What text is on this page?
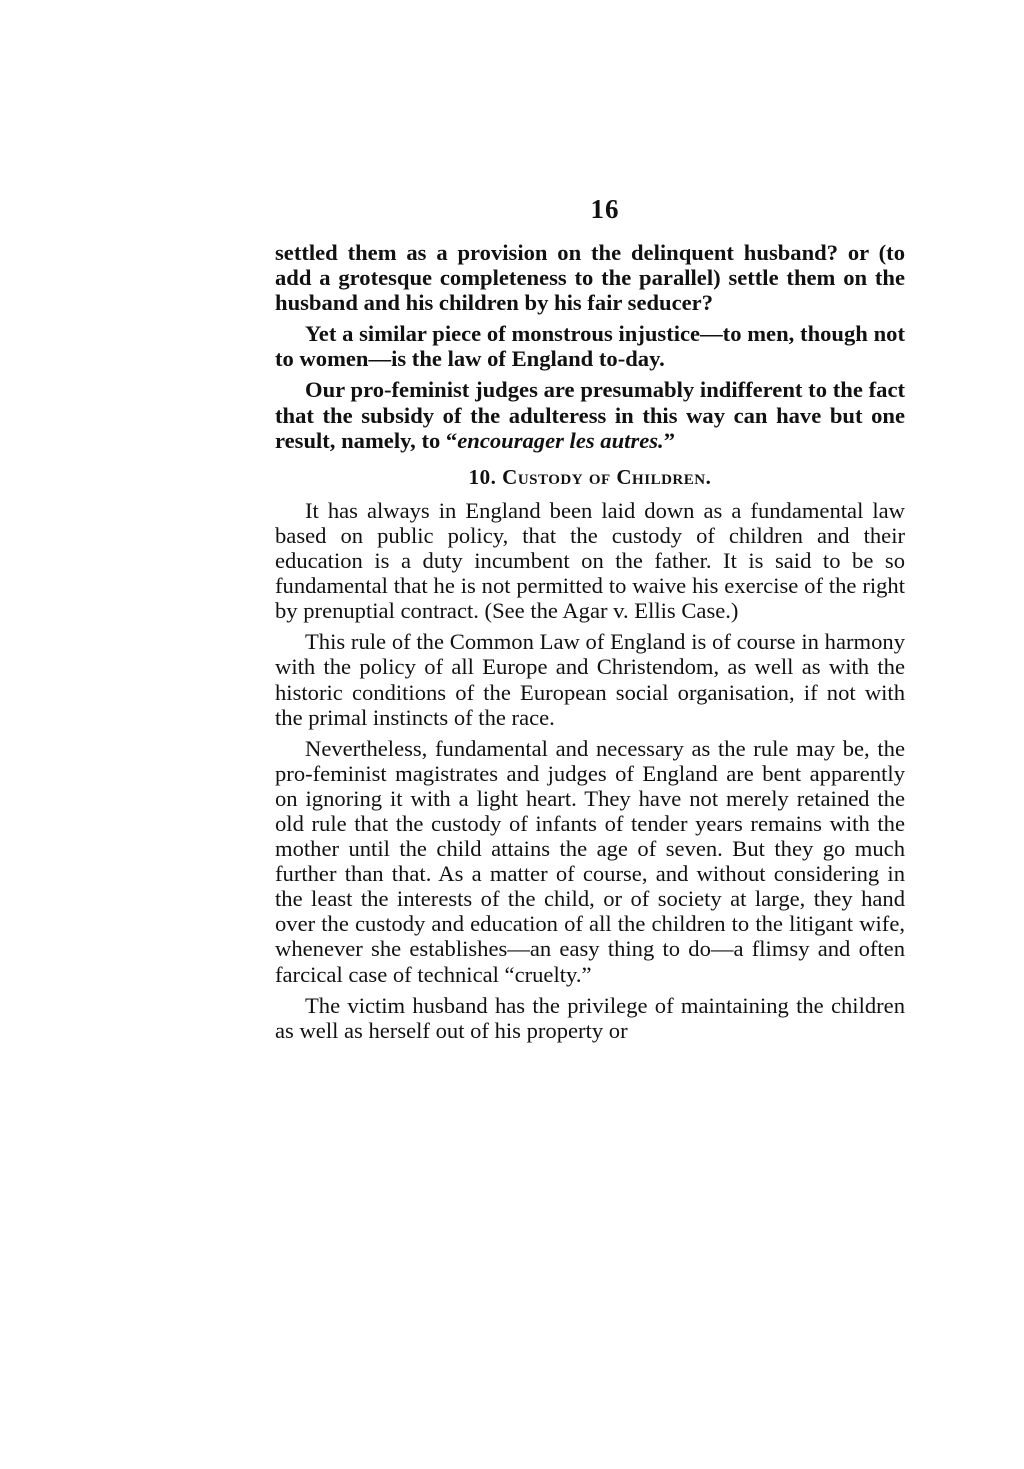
16

settled them as a provision on the delinquent husband? or (to add a grotesque completeness to the parallel) settle them on the husband and his children by his fair seducer?

Yet a similar piece of monstrous injustice—to men, though not to women—is the law of England to-day.

Our pro-feminist judges are presumably indifferent to the fact that the subsidy of the adulteress in this way can have but one result, namely, to “encourager les autres.”

10. Custody of Children.

It has always in England been laid down as a fundamental law based on public policy, that the custody of children and their education is a duty incumbent on the father. It is said to be so fundamental that he is not permitted to waive his exercise of the right by prenuptial contract. (See the Agar v. Ellis Case.)

This rule of the Common Law of England is of course in harmony with the policy of all Europe and Christendom, as well as with the historic conditions of the European social organisation, if not with the primal instincts of the race.

Nevertheless, fundamental and necessary as the rule may be, the pro-feminist magistrates and judges of England are bent apparently on ignoring it with a light heart. They have not merely retained the old rule that the custody of infants of tender years remains with the mother until the child attains the age of seven. But they go much further than that. As a matter of course, and without considering in the least the interests of the child, or of society at large, they hand over the custody and education of all the children to the litigant wife, whenever she establishes—an easy thing to do—a flimsy and often farcical case of technical “cruelty.”

The victim husband has the privilege of maintaining the children as well as herself out of his property or
